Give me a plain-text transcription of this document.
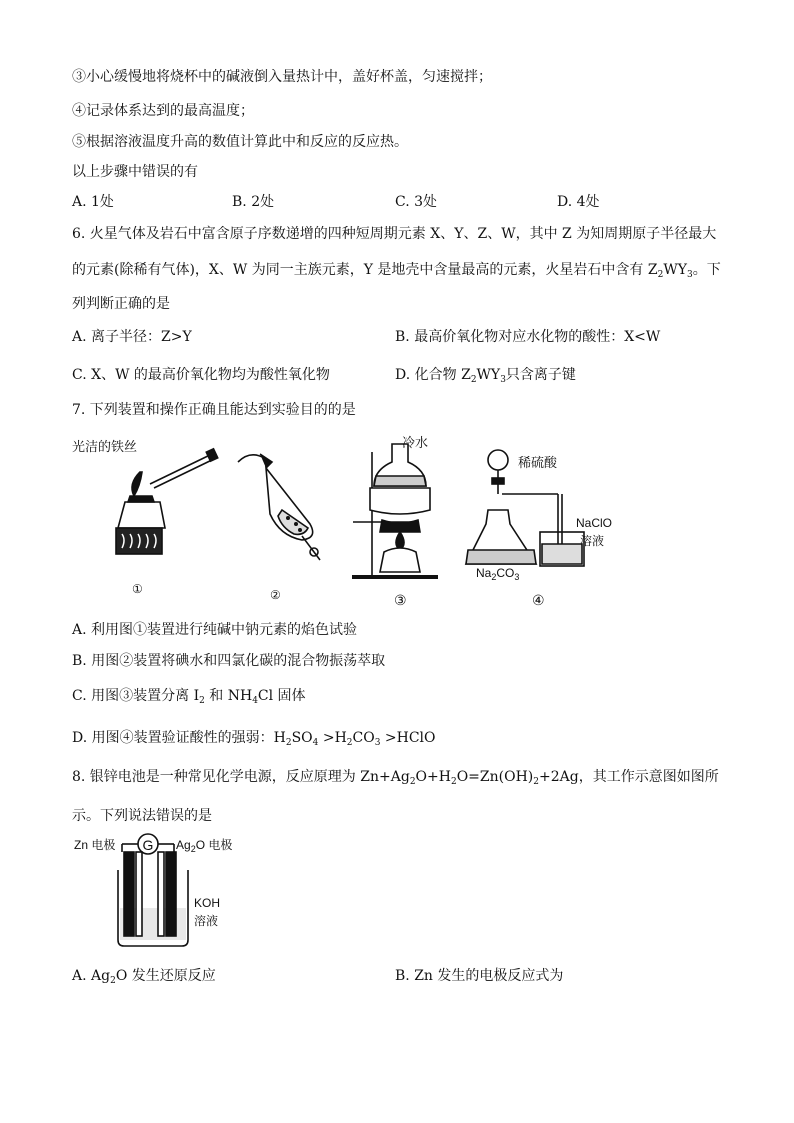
③小心缓慢地将烧杯中的碱液倒入量热计中，盖好杯盖，匀速搅拌；
④记录体系达到的最高温度；
⑤根据溶液温度升高的数值计算此中和反应的反应热。
以上步骤中错误的有
A. 1处	B. 2处	C. 3处	D. 4处
6. 火星气体及岩石中富含原子序数递增的四种短周期元素 X、Y、Z、W，其中 Z 为知周期原子半径最大
的元素(除稀有气体)，X、W 为同一主族元素，Y 是地壳中含量最高的元素，火星岩石中含有 $Z_2WY_3$。下
列判断正确的是
A. 离子半径：Z>Y	B. 最高价氧化物对应水化物的酸性：X<W
C. X、W 的最高价氧化物均为酸性氧化物	D. 化合物 $Z_2WY_3$只含离子键
7. 下列装置和操作正确且能达到实验目的的是
光洁的铁丝	冷水
稀硫酸
NaClO
溶液
$Na_2CO_3$
①	②	③	④
A. 利用图①装置进行纯碱中钠元素的焰色试验
B. 用图②装置将碘水和四氯化碳的混合物振荡萃取
C. 用图③装置分离 $I_2$ 和 $NH_4Cl$ 固体
D. 用图④装置验证酸性的强弱：$H_2SO_4 >H_2CO_3$ >HClO
8. 银锌电池是一种常见化学电源，反应原理为 $Zn+Ag_2O+H_2O=Zn(OH)_2+2Ag$，其工作示意图如图所
示。下列说法错误的是
G
Zn 电极	$Ag_2O$ 电极
KOH
溶液
A. $Ag_2O$ 发生还原反应	B. Zn 发生的电极反应式为
